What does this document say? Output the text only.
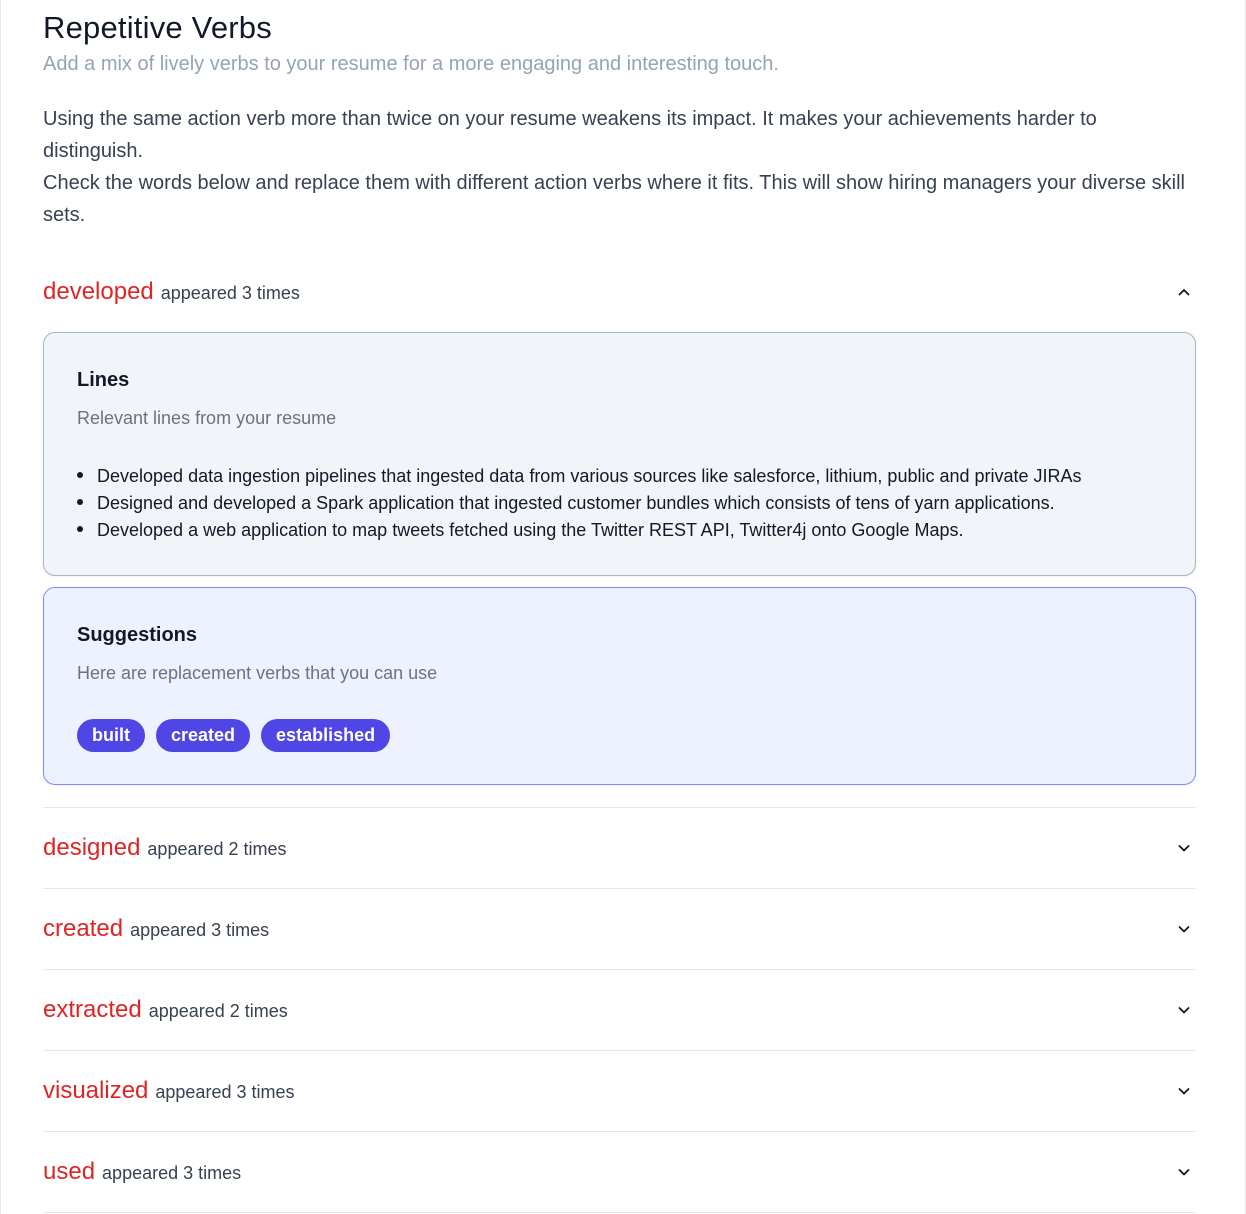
Repetitive Verbs
Add a mix of lively verbs to your resume for a more engaging and interesting touch.

Using the same action verb more than twice on your resume weakens its impact. It makes your achievements harder to distinguish.

Check the words below and replace them with different action verbs where it fits. This will show hiring managers your diverse skill sets.

developed appeared 3 times
Lines
Relevant lines from your resume
Developed data ingestion pipelines that ingested data from various sources like salesforce, lithium, public and private JIRAs
Designed and developed a Spark application that ingested customer bundles which consists of tens of yarn applications.
Developed a web application to map tweets fetched using the Twitter REST API, Twitter4j onto Google Maps.
Suggestions
Here are replacement verbs that you can use
built	created	established
designed appeared 2 times
created appeared 3 times
extracted appeared 2 times
visualized appeared 3 times
used appeared 3 times
